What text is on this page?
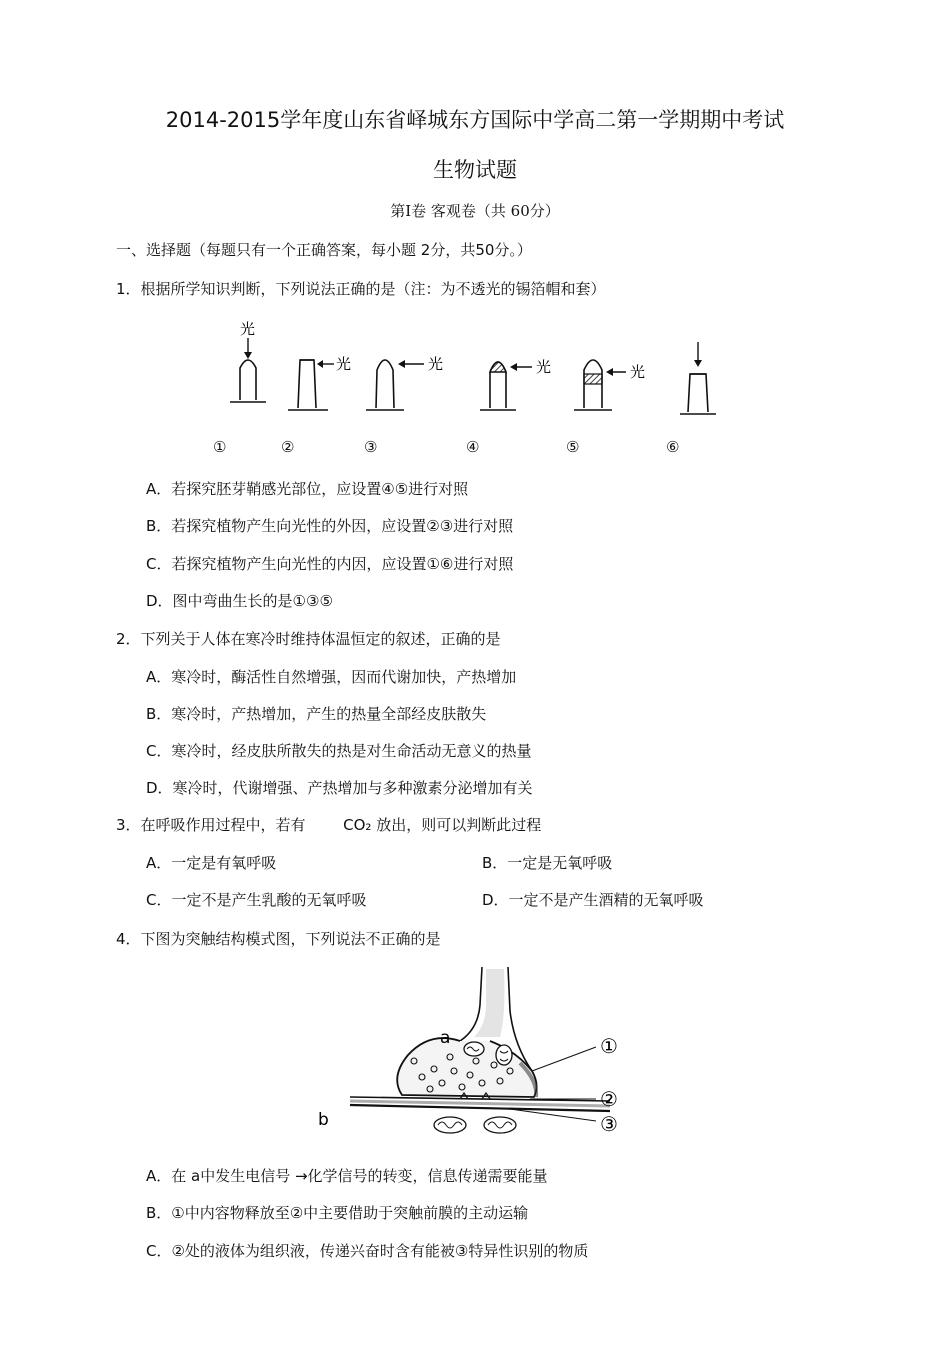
2014-2015学年度山东省峄城东方国际中学高二第一学期期中考试
生物试题
第Ⅰ卷 客观卷（共 60分）
一、选择题（每题只有一个正确答案，每小题 2分，共50分。）
1．根据所学知识判断，下列说法正确的是（注：为不透光的锡箔帽和套）
光
光	光	光	光
①	②	③	④	⑤	⑥
A．若探究胚芽鞘感光部位，应设置④⑤进行对照
B．若探究植物产生向光性的外因，应设置②③进行对照
C．若探究植物产生向光性的内因，应设置①⑥进行对照
D．图中弯曲生长的是①③⑤
2．下列关于人体在寒冷时维持体温恒定的叙述，正确的是
A．寒冷时，酶活性自然增强，因而代谢加快，产热增加
B．寒冷时，产热增加，产生的热量全部经皮肤散失
C．寒冷时，经皮肤所散失的热是对生命活动无意义的热量
D．寒冷时，代谢增强、产热增加与多种激素分泌增加有关
3．在呼吸作用过程中，若有	CO₂ 放出，则可以判断此过程
A．一定是有氧呼吸	B．一定是无氧呼吸
C．一定不是产生乳酸的无氧呼吸	D．一定不是产生酒精的无氧呼吸
4．下图为突触结构模式图，下列说法不正确的是
a
b
①
②
③
A．在 a中发生电信号 →化学信号的转变，信息传递需要能量
B．①中内容物释放至②中主要借助于突触前膜的主动运输
C．②处的液体为组织液，传递兴奋时含有能被③特异性识别的物质
